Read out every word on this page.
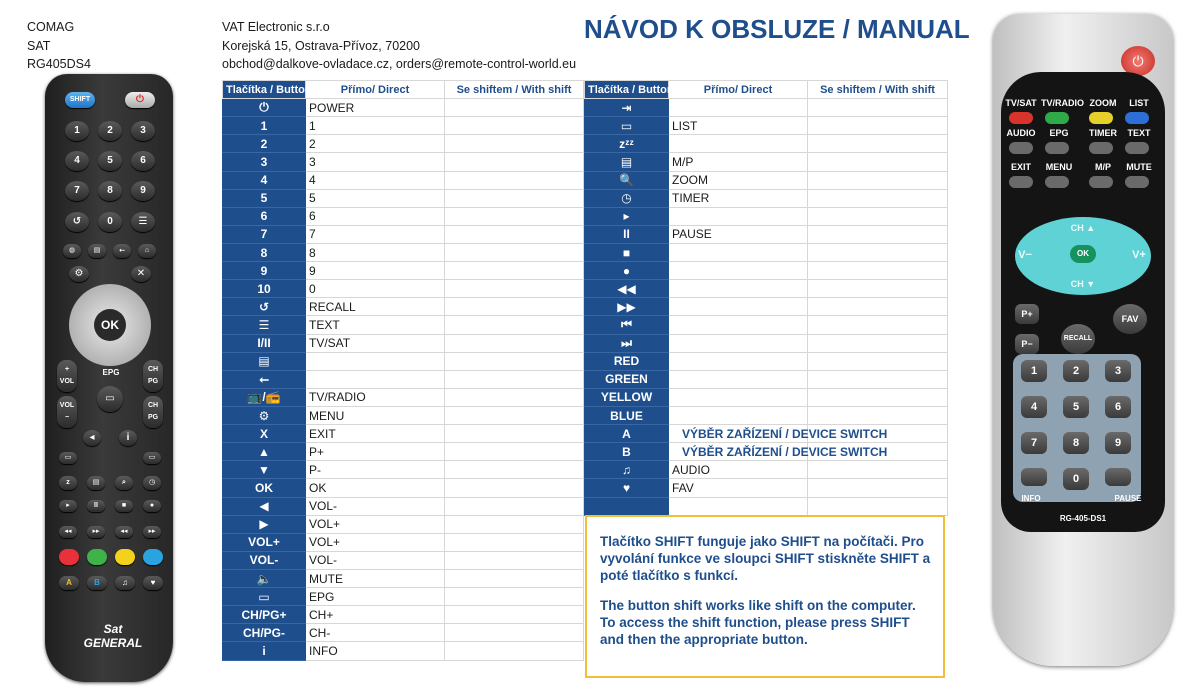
COMAG
SAT
RG405DS4
VAT Electronic s.r.o
Korejská 15, Ostrava-Přívoz, 70200
obchod@dalkove-ovladace.cz, orders@remote-control-world.eu
NÁVOD K OBSLUZE / MANUAL
Tlačítka / Button	Přímo/ Direct	Se shiftem / With shift
⏻	POWER	
1	1	
2	2	
3	3	
4	4	
5	5	
6	6	
7	7	
8	8	
9	9	
10	0	
↺	RECALL	
☰	TEXT	
I/II	TV/SAT	
▤		
⭠		
📺/📻	TV/RADIO	
⚙	MENU	
X	EXIT	
▲	P+	
▼	P-	
OK	OK	
◀	VOL-	
▶	VOL+	
VOL+	VOL+	
VOL-	VOL-	
🔈	MUTE	
▭	EPG	
CH/PG+	CH+	
CH/PG-	CH-	
i	INFO	
Tlačítka / Button	Přímo/ Direct	Se shiftem / With shift
⇥		
▭	LIST	
zᶻᶻ		
▤	M/P	
🔍	ZOOM	
◷	TIMER	
▸		
II	PAUSE	
■		
●		
◀◀		
▶▶		
⏮		
⏭		
RED		
GREEN		
YELLOW		
BLUE		
A	VÝBĚR ZAŘÍZENÍ / DEVICE SWITCH	
B	VÝBĚR ZAŘÍZENÍ / DEVICE SWITCH	
♫	AUDIO	
♥	FAV	

Tlačítko SHIFT funguje jako SHIFT na počítači. Pro vyvolání funkce ve sloupci SHIFT stiskněte SHIFT a poté tlačítko s funkcí.

The button shift works like shift on the computer. To access the shift function, please press SHIFT and then the appropriate button.

SHIFT	⏻
1	2	3
4	5	6
7	8	9
↺	0	☰
◍	▤	⭠	⌂
⚙	✕
OK
+
VOL
CH
PG
EPG
VOL
−
CH
PG
▭
◂	i
▭	▭
z	▤	⌕	◷
▸	II	■	●
◂◂	▸▸	◂◂	▸▸
A	B	♫	♥
Sat GENERAL
⏻
TV/SAT TV/RADIO ZOOM	LIST
AUDIO	EPG	TIMER	TEXT
EXIT	MENU	M/P	MUTE
CH ▲
CH ▼
V−	V+
OK
P+
P−
RECALL
FAV
1	2	3
4	5	6
7	8	9
0
INFO	PAUSE
RG-405-DS1
